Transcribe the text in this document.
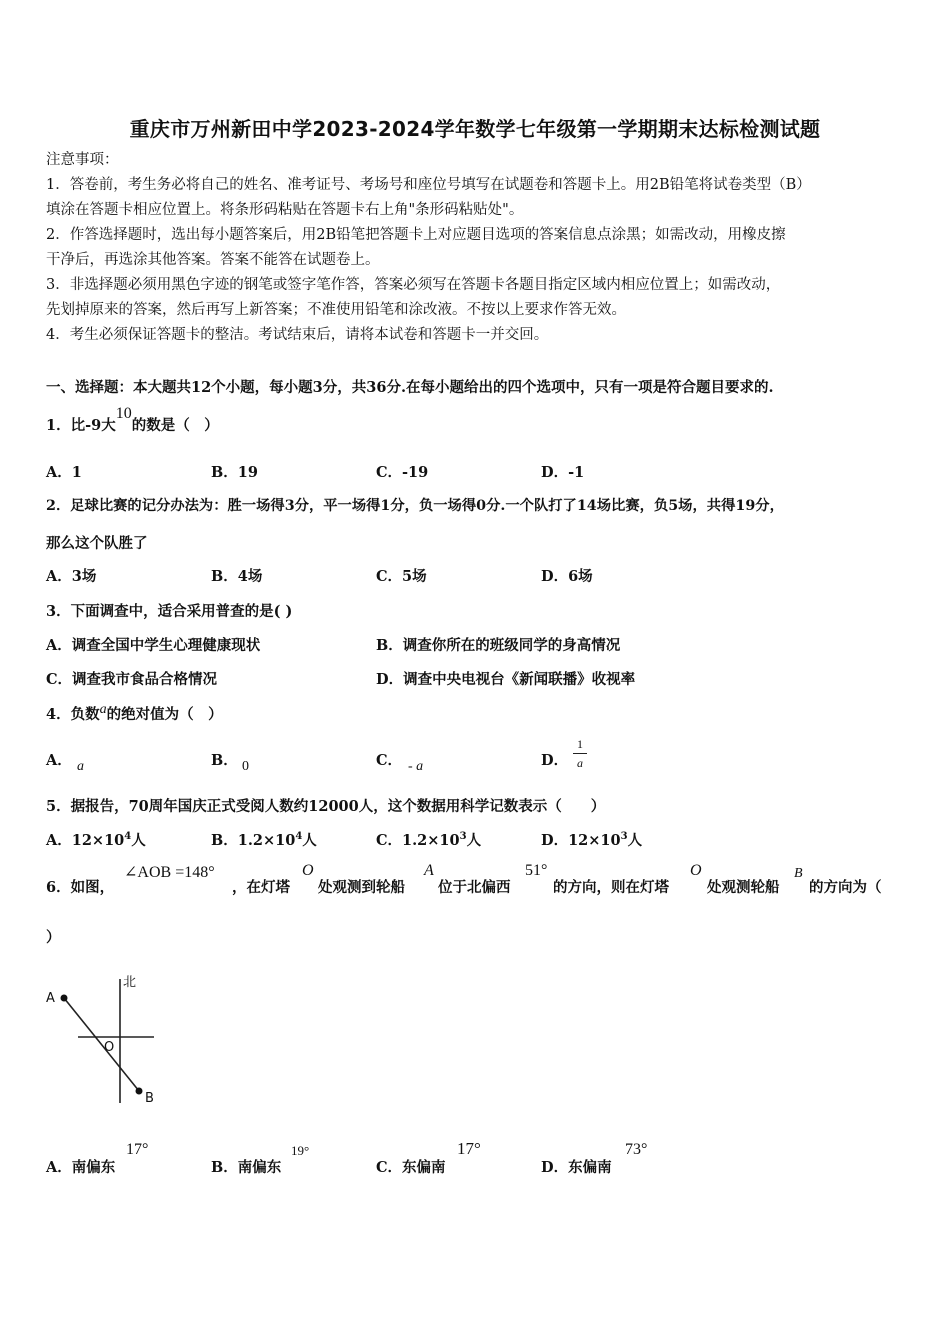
重庆市万州新田中学2023-2024学年数学七年级第一学期期末达标检测试题
注意事项：
1．答卷前，考生务必将自己的姓名、准考证号、考场号和座位号填写在试题卷和答题卡上。用2B铅笔将试卷类型（B）
填涂在答题卡相应位置上。将条形码粘贴在答题卡右上角"条形码粘贴处"。
2．作答选择题时，选出每小题答案后，用2B铅笔把答题卡上对应题目选项的答案信息点涂黑；如需改动，用橡皮擦
干净后，再选涂其他答案。答案不能答在试题卷上。
3．非选择题必须用黑色字迹的钢笔或签字笔作答，答案必须写在答题卡各题目指定区域内相应位置上；如需改动，
先划掉原来的答案，然后再写上新答案；不准使用铅笔和涂改液。不按以上要求作答无效。
4．考生必须保证答题卡的整洁。考试结束后，请将本试卷和答题卡一并交回。
一、选择题：本大题共12个小题，每小题3分，共36分.在每小题给出的四个选项中，只有一项是符合题目要求的.
1．比-9大10的数是（　）
A．1	B．19	C．-19	D．-1
2．足球比赛的记分办法为：胜一场得3分，平一场得1分，负一场得0分.一个队打了14场比赛，负5场，共得19分，
那么这个队胜了
A．3场	B．4场	C．5场	D．6场
3．下面调查中，适合采用普查的是( )
A．调查全国中学生心理健康现状	B．调查你所在的班级同学的身高情况
C．调查我市食品合格情况	D．调查中央电视台《新闻联播》收视率
4．负数a的绝对值为（　）
A． a	B． 0	C． - a	D．
1
a
5．据报告，70周年国庆正式受阅人数约12000人，这个数据用科学记数表示（　　）
A．$12\times 10^4$人	B．$1.2\times 10^4$人	C．$1.2\times 10^3$人	D．$12\times 10^3$人
6．如图，
∠AOB =148°
，在灯塔
O
处观测到轮船
A
位于北偏西
51°
的方向，则在灯塔
O
处观测轮船
B
的方向为（
）
北
A
O
B
A．南偏东
17°
B．南偏东
19°
C．东偏南
17°
D．东偏南
73°
